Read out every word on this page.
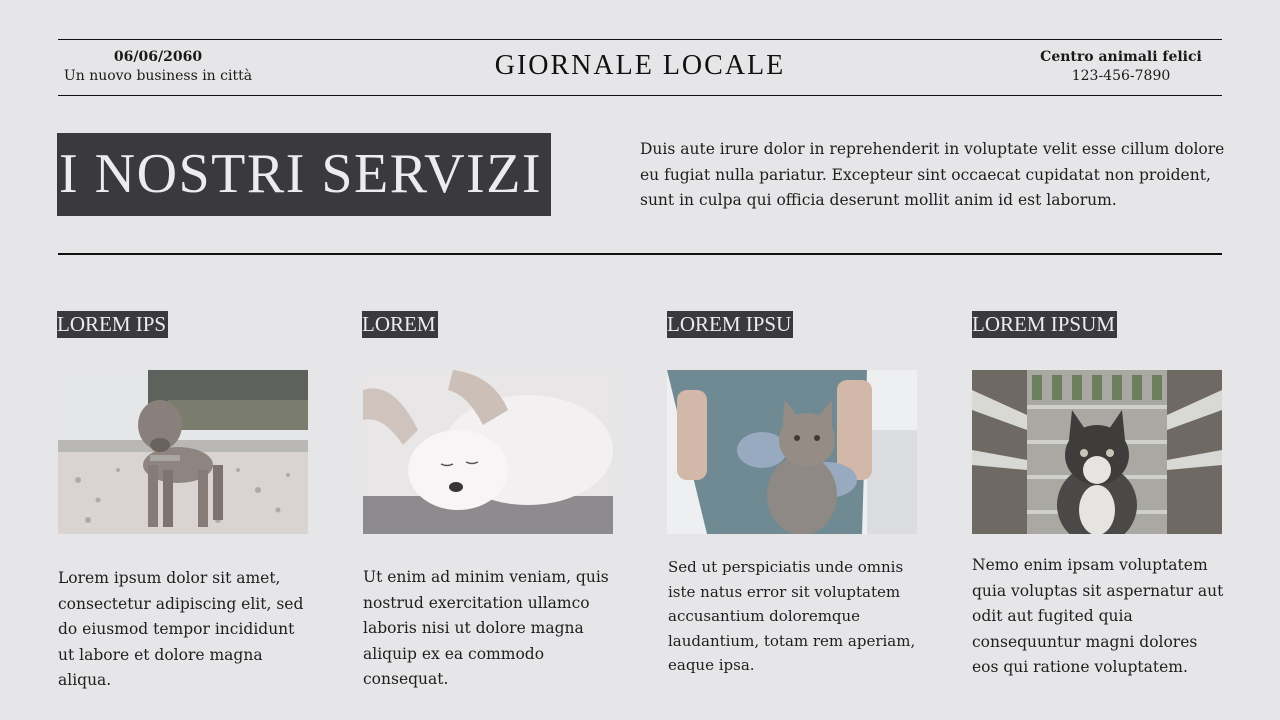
06/06/2060
Un nuovo business in città	GIORNALE LOCALE	Centro animali felici
123-456-7890
I NOSTRI SERVIZI	Duis aute irure dolor in reprehenderit in voluptate velit esse cillum dolore eu fugiat nulla pariatur. Excepteur sint occaecat cupidatat non proident, sunt in culpa qui officia deserunt mollit anim id est laborum.
LOREM IPS
Lorem ipsum dolor sit amet, consectetur adipiscing elit, sed do eiusmod tempor incididunt ut labore et dolore magna aliqua.
LOREM
Ut enim ad minim veniam, quis nostrud exercitation ullamco laboris nisi ut dolore magna aliquip ex ea commodo consequat.
LOREM IPSU
Sed ut perspiciatis unde omnis iste natus error sit voluptatem accusantium doloremque laudantium, totam rem aperiam, eaque ipsa.
LOREM IPSUM
Nemo enim ipsam voluptatem quia voluptas sit aspernatur aut odit aut fugited quia consequuntur magni dolores eos qui ratione voluptatem.
